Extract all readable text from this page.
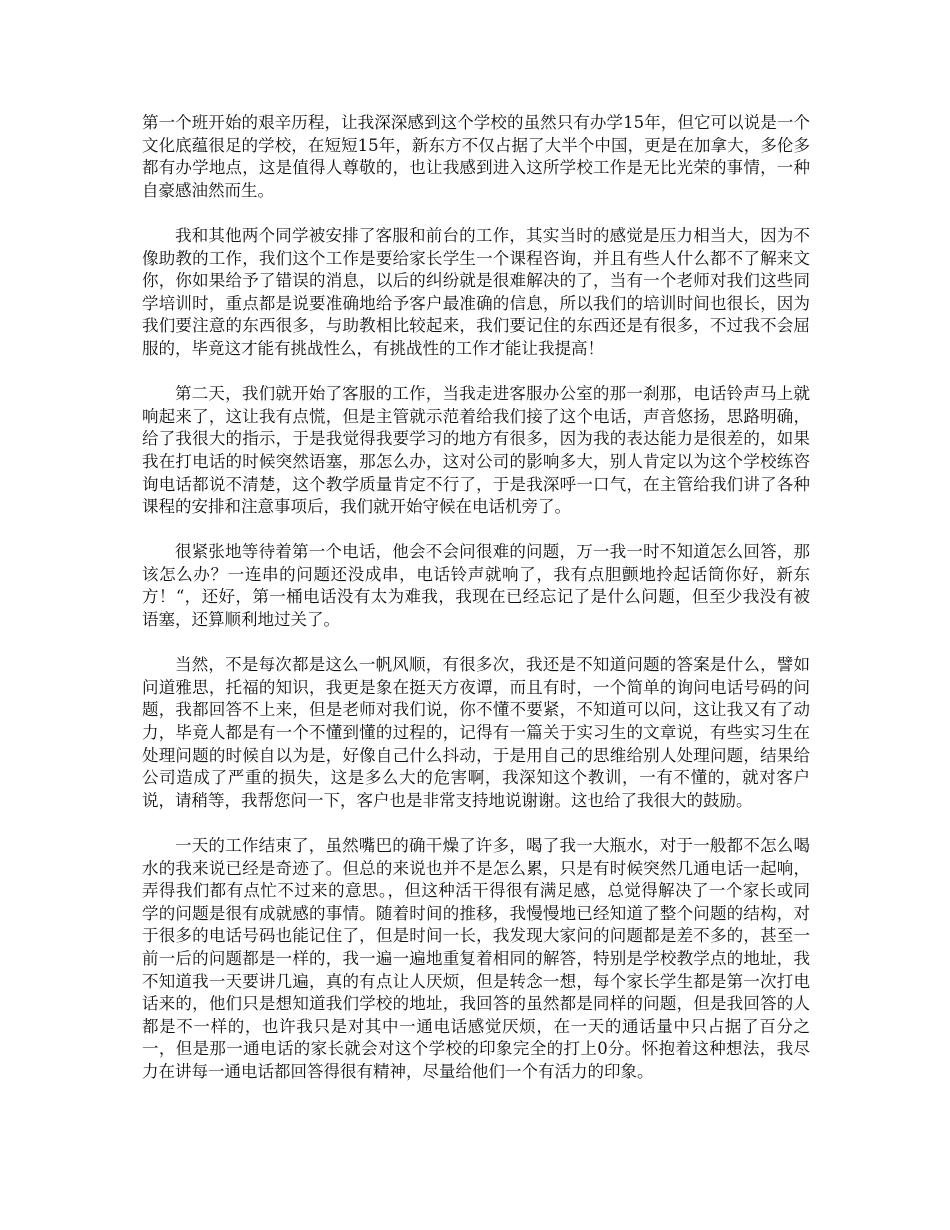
第一个班开始的艰辛历程，让我深深感到这个学校的虽然只有办学15年，但它可以说是一个文化底蕴很足的学校，在短短15年，新东方不仅占据了大半个中国，更是在加拿大，多伦多都有办学地点，这是值得人尊敬的，也让我感到进入这所学校工作是无比光荣的事情，一种自豪感油然而生。

我和其他两个同学被安排了客服和前台的工作，其实当时的感觉是压力相当大，因为不像助教的工作，我们这个工作是要给家长学生一个课程咨询，并且有些人什么都不了解来文你，你如果给予了错误的消息，以后的纠纷就是很难解决的了，当有一个老师对我们这些同学培训时，重点都是说要准确地给予客户最准确的信息，所以我们的培训时间也很长，因为我们要注意的东西很多，与助教相比较起来，我们要记住的东西还是有很多，不过我不会屈服的，毕竟这才能有挑战性么，有挑战性的工作才能让我提高！

第二天，我们就开始了客服的工作，当我走进客服办公室的那一刹那，电话铃声马上就响起来了，这让我有点慌，但是主管就示范着给我们接了这个电话，声音悠扬，思路明确，给了我很大的指示，于是我觉得我要学习的地方有很多，因为我的表达能力是很差的，如果我在打电话的时候突然语塞，那怎么办，这对公司的影响多大，别人肯定以为这个学校练咨询电话都说不清楚，这个教学质量肯定不行了，于是我深呼一口气，在主管给我们讲了各种课程的安排和注意事项后，我们就开始守候在电话机旁了。

很紧张地等待着第一个电话，他会不会问很难的问题，万一我一时不知道怎么回答，那该怎么办？一连串的问题还没成串，电话铃声就响了，我有点胆颤地拎起话筒你好，新东方！“，还好，第一桶电话没有太为难我，我现在已经忘记了是什么问题，但至少我没有被语塞，还算顺利地过关了。

当然，不是每次都是这么一帆风顺，有很多次，我还是不知道问题的答案是什么，譬如问道雅思，托福的知识，我更是象在挺天方夜谭，而且有时，一个简单的询问电话号码的问题，我都回答不上来，但是老师对我们说，你不懂不要紧，不知道可以问，这让我又有了动力，毕竟人都是有一个不懂到懂的过程的，记得有一篇关于实习生的文章说，有些实习生在处理问题的时候自以为是，好像自己什么抖动，于是用自己的思维给别人处理问题，结果给公司造成了严重的损失，这是多么大的危害啊，我深知这个教训，一有不懂的，就对客户说，请稍等，我帮您问一下，客户也是非常支持地说谢谢。这也给了我很大的鼓励。

一天的工作结束了，虽然嘴巴的确干燥了许多，喝了我一大瓶水，对于一般都不怎么喝水的我来说已经是奇迹了。但总的来说也并不是怎么累，只是有时候突然几通电话一起响，弄得我们都有点忙不过来的意思。，但这种活干得很有满足感，总觉得解决了一个家长或同学的问题是很有成就感的事情。随着时间的推移，我慢慢地已经知道了整个问题的结构，对于很多的电话号码也能记住了，但是时间一长，我发现大家问的问题都是差不多的，甚至一前一后的问题都是一样的，我一遍一遍地重复着相同的解答，特别是学校教学点的地址，我不知道我一天要讲几遍，真的有点让人厌烦，但是转念一想，每个家长学生都是第一次打电话来的，他们只是想知道我们学校的地址，我回答的虽然都是同样的问题，但是我回答的人都是不一样的，也许我只是对其中一通电话感觉厌烦，在一天的通话量中只占据了百分之一，但是那一通电话的家长就会对这个学校的印象完全的打上0分。怀抱着这种想法，我尽力在讲每一通电话都回答得很有精神，尽量给他们一个有活力的印象。
